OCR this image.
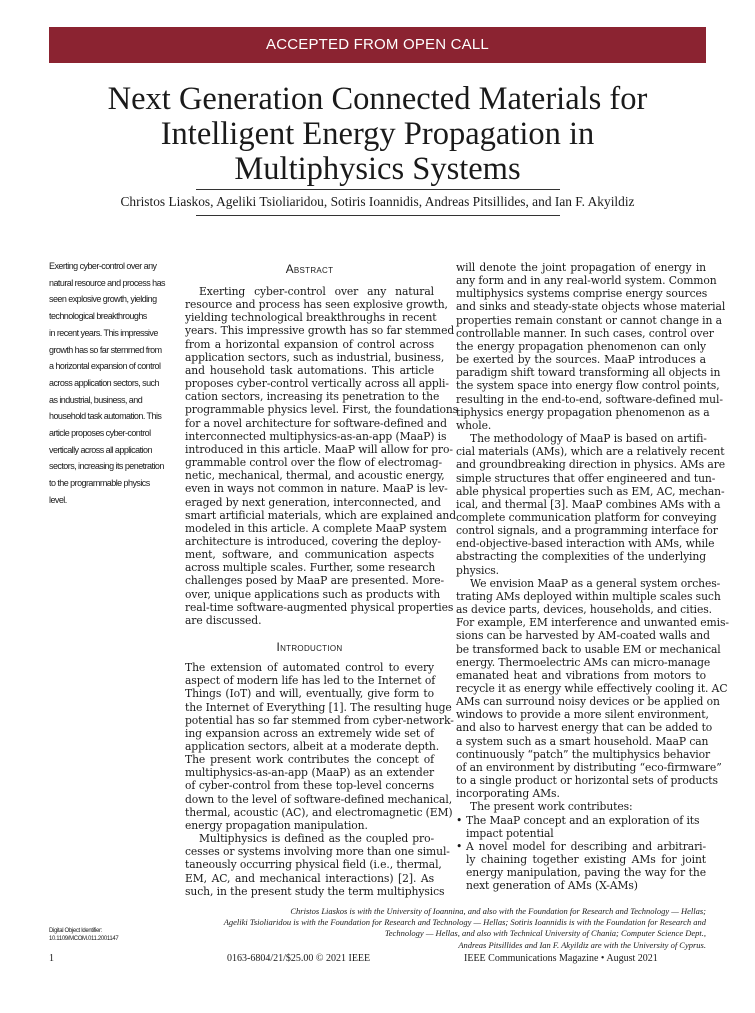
ACCEPTED FROM OPEN CALL
Next Generation Connected Materials for
Intelligent Energy Propagation in
Multiphysics Systems
Christos Liaskos, Ageliki Tsioliaridou, Sotiris Ioannidis, Andreas Pitsillides, and Ian F. Akyildiz
Exerting cyber-control over any
natural resource and process has
seen explosive growth, yielding
technological breakthroughs
in recent years. This impressive
growth has so far stemmed from
a horizontal expansion of control
across application sectors, such
as industrial, business, and
household task automation. This
article proposes cyber-control
vertically across all application
sectors, increasing its penetration
to the programmable physics
level.
Abstract
Exerting cyber-control over any natural
resource and process has seen explosive growth,
yielding technological breakthroughs in recent
years. This impressive growth has so far stemmed
from a horizontal expansion of control across
application sectors, such as industrial, business,
and household task automations. This article
proposes cyber-control vertically across all appli-
cation sectors, increasing its penetration to the
programmable physics level. First, the foundations
for a novel architecture for software-defined and
interconnected multiphysics-as-an-app (MaaP) is
introduced in this article. MaaP will allow for pro-
grammable control over the flow of electromag-
netic, mechanical, thermal, and acoustic energy,
even in ways not common in nature. MaaP is lev-
eraged by next generation, interconnected, and
smart artificial materials, which are explained and
modeled in this article. A complete MaaP system
architecture is introduced, covering the deploy-
ment, software, and communication aspects
across multiple scales. Further, some research
challenges posed by MaaP are presented. More-
over, unique applications such as products with
real-time software-augmented physical properties
are discussed.
Introduction
The extension of automated control to every
aspect of modern life has led to the Internet of
Things (IoT) and will, eventually, give form to
the Internet of Everything [1]. The resulting huge
potential has so far stemmed from cyber-network-
ing expansion across an extremely wide set of
application sectors, albeit at a moderate depth.
The present work contributes the concept of
multiphysics-as-an-app (MaaP) as an extender
of cyber-control from these top-level concerns
down to the level of software-defined mechanical,
thermal, acoustic (AC), and electromagnetic (EM)
energy propagation manipulation.
Multiphysics is defined as the coupled pro-
cesses or systems involving more than one simul-
taneously occurring physical field (i.e., thermal,
EM, AC, and mechanical interactions) [2]. As
such, in the present study the term multiphysics
will denote the joint propagation of energy in
any form and in any real-world system. Common
multiphysics systems comprise energy sources
and sinks and steady-state objects whose material
properties remain constant or cannot change in a
controllable manner. In such cases, control over
the energy propagation phenomenon can only
be exerted by the sources. MaaP introduces a
paradigm shift toward transforming all objects in
the system space into energy flow control points,
resulting in the end-to-end, software-defined mul-
tiphysics energy propagation phenomenon as a
whole.
The methodology of MaaP is based on artifi-
cial materials (AMs), which are a relatively recent
and groundbreaking direction in physics. AMs are
simple structures that offer engineered and tun-
able physical properties such as EM, AC, mechan-
ical, and thermal [3]. MaaP combines AMs with a
complete communication platform for conveying
control signals, and a programming interface for
end-objective-based interaction with AMs, while
abstracting the complexities of the underlying
physics.
We envision MaaP as a general system orches-
trating AMs deployed within multiple scales such
as device parts, devices, households, and cities.
For example, EM interference and unwanted emis-
sions can be harvested by AM-coated walls and
be transformed back to usable EM or mechanical
energy. Thermoelectric AMs can micro-manage
emanated heat and vibrations from motors to
recycle it as energy while effectively cooling it. AC
AMs can surround noisy devices or be applied on
windows to provide a more silent environment,
and also to harvest energy that can be added to
a system such as a smart household. MaaP can
continuously “patch” the multiphysics behavior
of an environment by distributing “eco-firmware”
to a single product or horizontal sets of products
incorporating AMs.
The present work contributes:
• The MaaP concept and an exploration of its
impact potential
• A novel model for describing and arbitrari-
ly chaining together existing AMs for joint
energy manipulation, paving the way for the
next generation of AMs (X-AMs)
Christos Liaskos is with the University of Ioannina, and also with the Foundation for Research and Technology — Hellas;
Ageliki Tsioliaridou is with the Foundation for Research and Technology — Hellas; Sotiris Ioannidis is with the Foundation for Research and
Technology — Hellas, and also with Technical University of Chania; Computer Science Dept.,
Andreas Pitsillides and Ian F. Akyildiz are with the University of Cyprus.
Digital Object Identifier:
10.1109/MCOM.011.2001147
1	0163-6804/21/$25.00 © 2021 IEEE	IEEE Communications Magazine • August 2021
